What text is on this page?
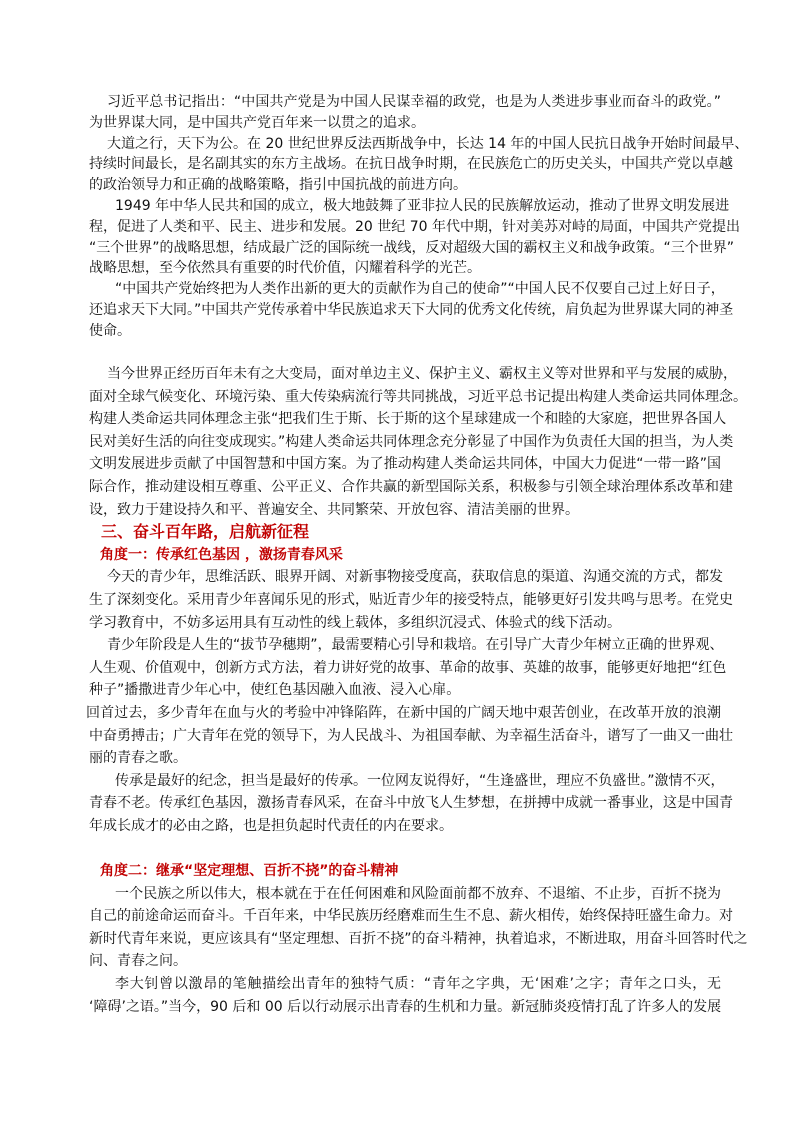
习近平总书记指出：“中国共产党是为中国人民谋幸福的政党，也是为人类进步事业而奋斗的政党。”
为世界谋大同，是中国共产党百年来一以贯之的追求。
大道之行，天下为公。在 20 世纪世界反法西斯战争中，长达 14 年的中国人民抗日战争开始时间最早、
持续时间最长，是名副其实的东方主战场。在抗日战争时期，在民族危亡的历史关头，中国共产党以卓越
的政治领导力和正确的战略策略，指引中国抗战的前进方向。
1949 年中华人民共和国的成立，极大地鼓舞了亚非拉人民的民族解放运动，推动了世界文明发展进
程，促进了人类和平、民主、进步和发展。20 世纪 70 年代中期，针对美苏对峙的局面，中国共产党提出
“三个世界”的战略思想，结成最广泛的国际统一战线，反对超级大国的霸权主义和战争政策。“三个世界”
战略思想，至今依然具有重要的时代价值，闪耀着科学的光芒。
“中国共产党始终把为人类作出新的更大的贡献作为自己的使命”“中国人民不仅要自己过上好日子，
还追求天下大同。”中国共产党传承着中华民族追求天下大同的优秀文化传统，肩负起为世界谋大同的神圣
使命。
当今世界正经历百年未有之大变局，面对单边主义、保护主义、霸权主义等对世界和平与发展的威胁，
面对全球气候变化、环境污染、重大传染病流行等共同挑战，习近平总书记提出构建人类命运共同体理念。
构建人类命运共同体理念主张“把我们生于斯、长于斯的这个星球建成一个和睦的大家庭，把世界各国人
民对美好生活的向往变成现实。”构建人类命运共同体理念充分彰显了中国作为负责任大国的担当，为人类
文明发展进步贡献了中国智慧和中国方案。为了推动构建人类命运共同体，中国大力促进“一带一路”国
际合作，推动建设相互尊重、公平正义、合作共赢的新型国际关系，积极参与引领全球治理体系改革和建
设，致力于建设持久和平、普遍安全、共同繁荣、开放包容、清洁美丽的世界。
三、奋斗百年路，启航新征程
角度一：传承红色基因 ，激扬青春风采
今天的青少年，思维活跃、眼界开阔、对新事物接受度高，获取信息的渠道、沟通交流的方式，都发
生了深刻变化。采用青少年喜闻乐见的形式，贴近青少年的接受特点，能够更好引发共鸣与思考。在党史
学习教育中，不妨多运用具有互动性的线上载体，多组织沉浸式、体验式的线下活动。
青少年阶段是人生的“拔节孕穗期”，最需要精心引导和栽培。在引导广大青少年树立正确的世界观、
人生观、价值观中，创新方式方法，着力讲好党的故事、革命的故事、英雄的故事，能够更好地把“红色
种子”播撒进青少年心中，使红色基因融入血液、浸入心扉。
回首过去，多少青年在血与火的考验中冲锋陷阵，在新中国的广阔天地中艰苦创业，在改革开放的浪潮
中奋勇搏击；广大青年在党的领导下，为人民战斗、为祖国奉献、为幸福生活奋斗，谱写了一曲又一曲壮
丽的青春之歌。
传承是最好的纪念，担当是最好的传承。一位网友说得好，“生逢盛世，理应不负盛世。”激情不灭，
青春不老。传承红色基因，激扬青春风采，在奋斗中放飞人生梦想，在拼搏中成就一番事业，这是中国青
年成长成才的必由之路，也是担负起时代责任的内在要求。
角度二：继承“坚定理想、百折不挠”的奋斗精神
一个民族之所以伟大，根本就在于在任何困难和风险面前都不放弃、不退缩、不止步，百折不挠为
自己的前途命运而奋斗。千百年来，中华民族历经磨难而生生不息、薪火相传，始终保持旺盛生命力。对
新时代青年来说，更应该具有“坚定理想、百折不挠”的奋斗精神，执着追求，不断进取，用奋斗回答时代之
问、青春之问。
李大钊曾以激昂的笔触描绘出青年的独特气质：“青年之字典，无‘困难’之字；青年之口头，无
‘障碍’之语。”当今，90 后和 00 后以行动展示出青春的生机和力量。新冠肺炎疫情打乱了许多人的发展
